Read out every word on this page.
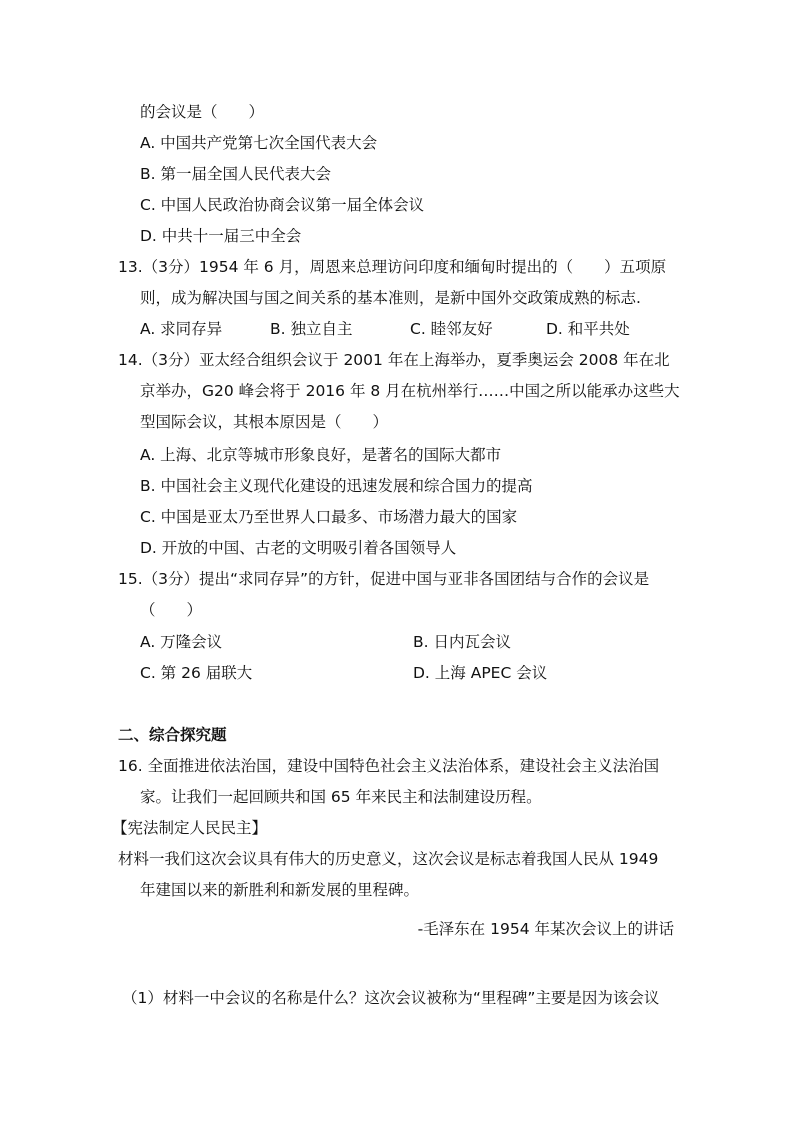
的会议是（　　）
A. 中国共产党第七次全国代表大会
B. 第一届全国人民代表大会
C. 中国人民政治协商会议第一届全体会议
D. 中共十一届三中全会
13.（3分）1954 年 6 月，周恩来总理访问印度和缅甸时提出的（　　）五项原
则，成为解决国与国之间关系的基本准则，是新中国外交政策成熟的标志.
A. 求同存异	B. 独立自主	C. 睦邻友好	D. 和平共处
14.（3分）亚太经合组织会议于 2001 年在上海举办，夏季奥运会 2008 年在北
京举办，G20 峰会将于 2016 年 8 月在杭州举行……中国之所以能承办这些大
型国际会议，其根本原因是（　　）
A. 上海、北京等城市形象良好，是著名的国际大都市
B. 中国社会主义现代化建设的迅速发展和综合国力的提高
C. 中国是亚太乃至世界人口最多、市场潜力最大的国家
D. 开放的中国、古老的文明吸引着各国领导人
15.（3分）提出“求同存异”的方针，促进中国与亚非各国团结与合作的会议是
（　　）
A. 万隆会议	B. 日内瓦会议
C. 第 26 届联大	D. 上海 APEC 会议
二、综合探究题
16. 全面推进依法治国，建设中国特色社会主义法治体系，建设社会主义法治国
家。让我们一起回顾共和国 65 年来民主和法制建设历程。
【宪法制定人民民主】
材料一我们这次会议具有伟大的历史意义，这次会议是标志着我国人民从 1949
年建国以来的新胜利和新发展的里程碑。
-毛泽东在 1954 年某次会议上的讲话
（1）材料一中会议的名称是什么？这次会议被称为“里程碑”主要是因为该会议
